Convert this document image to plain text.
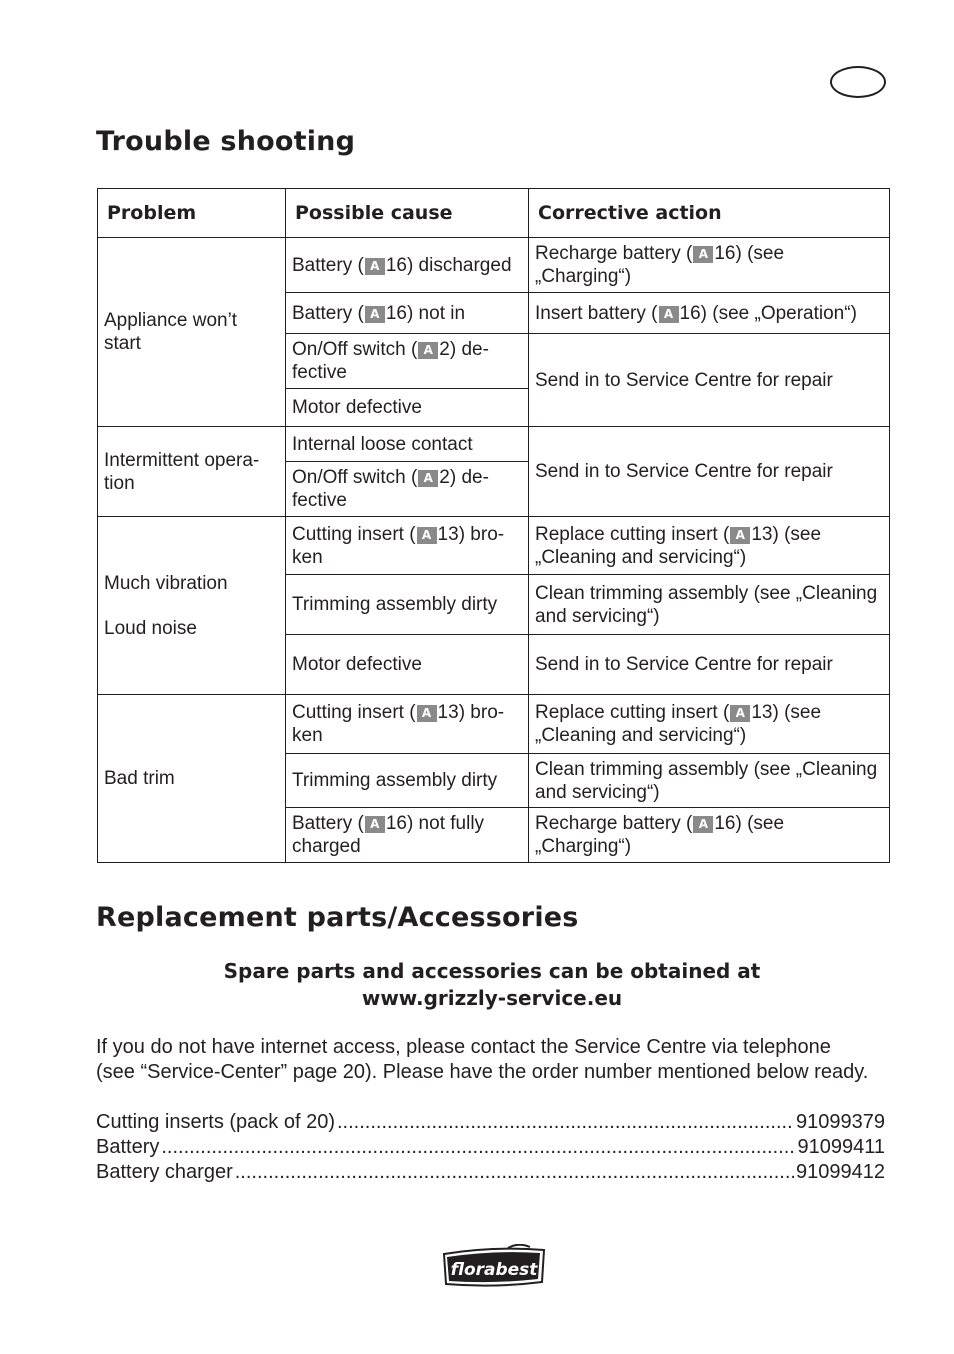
Trouble shooting
Problem	Possible cause	Corrective action
Appliance won’t start	Battery ( A 16) discharged	Recharge battery ( A 16) (see „Charging“)
	Battery ( A 16) not in	Insert battery ( A 16) (see „Operation“)
	On/Off switch ( A 2) de-fective	Send in to Service Centre for repair
	Motor defective	
Intermittent opera-tion	Internal loose contact	Send in to Service Centre for repair
	On/Off switch ( A 2) de-fective	
Much vibration
Loud noise	Cutting insert ( A 13) bro-ken	Replace cutting insert ( A 13) (see „Cleaning and servicing“)
	Trimming assembly dirty	Clean trimming assembly (see „Cleaning and servicing“)
	Motor defective	Send in to Service Centre for repair
Bad trim	Cutting insert ( A 13) bro-ken	Replace cutting insert ( A 13) (see „Cleaning and servicing“)
	Trimming assembly dirty	Clean trimming assembly (see „Cleaning and servicing“)
	Battery ( A 16) not fully charged	Recharge battery ( A 16) (see „Charging“)
Replacement parts/Accessories
Spare parts and accessories can be obtained at
www.grizzly-service.eu
If you do not have internet access, please contact the Service Centre via telephone
(see “Service-Center” page 20). Please have the order number mentioned below ready.
Cutting inserts (pack of 20) .....	91099379
Battery .....	91099411
Battery charger .....	91099412
florabest
